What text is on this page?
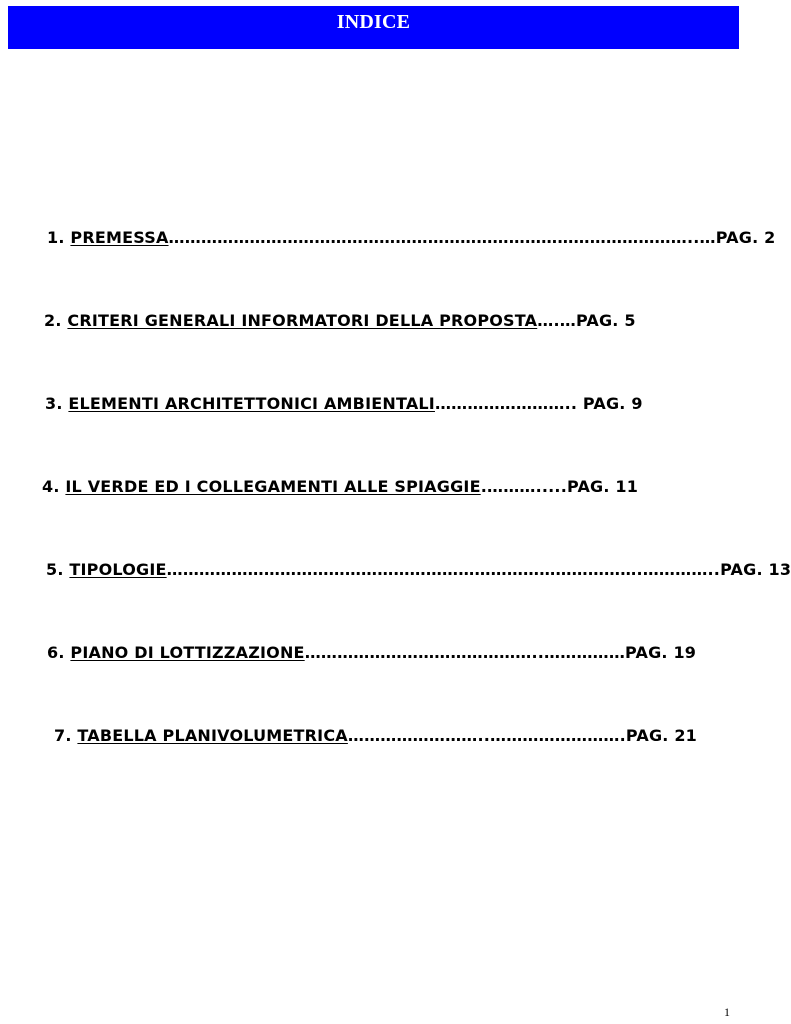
INDICE
1. PREMESSA……………………………………………………………………………………..…PAG. 2
2. CRITERI GENERALI INFORMATORI DELLA PROPOSTA….…PAG. 5
3. ELEMENTI ARCHITETTONICI AMBIENTALI…………………….. PAG. 9
4. IL VERDE ED I COLLEGAMENTI ALLE SPIAGGIE.……….....PAG. 11
5. TIPOLOGIE…………………………………………………………………………….…………..PAG. 13
6. PIANO DI LOTTIZZAZIONE……………………………………..……………PAG. 19
7. TABELLA PLANIVOLUMETRICA……………………..…………………….PAG. 21
1
